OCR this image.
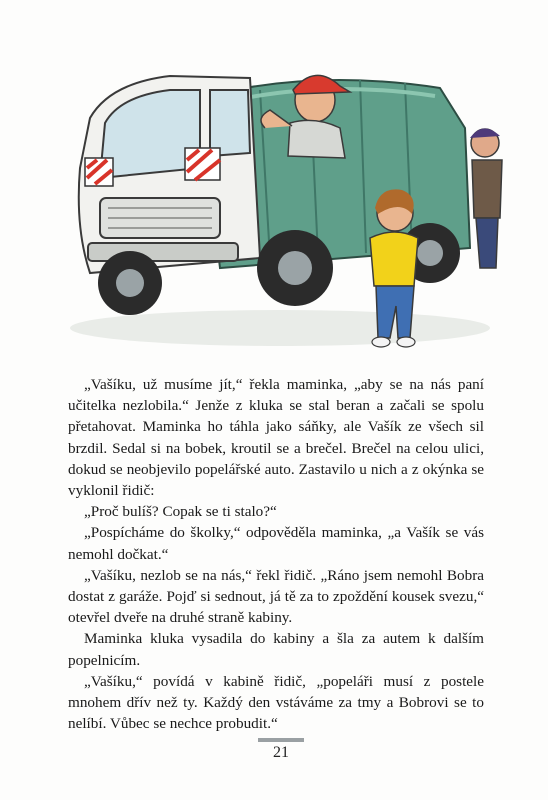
„Vašíku, už musíme jít,“ řekla maminka, „aby se na nás paní učitelka nezlobila.“ Jenže z kluka se stal beran a začali se spolu přetahovat. Maminka ho táhla jako sáňky, ale Vašík ze všech sil brzdil. Sedal si na bobek, kroutil se a brečel. Brečel na celou ulici, dokud se neobjevilo popelářské auto. Zastavilo u nich a z okýnka se vyklonil řidič:

„Proč bulíš? Copak se ti stalo?“

„Pospícháme do školky,“ odpověděla maminka, „a Vašík se vás nemohl dočkat.“

„Vašíku, nezlob se na nás,“ řekl řidič. „Ráno jsem nemohl Bobra dostat z garáže. Pojď si sednout, já tě za to zpoždění kousek svezu,“ otevřel dveře na druhé straně kabiny.

Maminka kluka vysadila do kabiny a šla za autem k dalším popelnicím.

„Vašíku,“ povídá v kabině řidič, „popeláři musí z postele mnohem dřív než ty. Každý den vstáváme za tmy a Bobrovi se to nelíbí. Vůbec se nechce probudit.“

21
